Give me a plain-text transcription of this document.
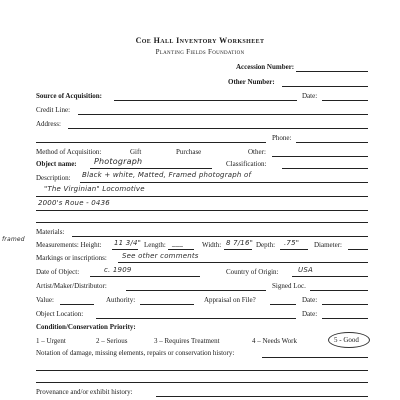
Coe Hall Inventory Worksheet
Planting Fields Foundation
Accession Number:
Other Number:
Source of Acquisition:	Date:
Credit Line:
Address:
Phone:
Method of Acquisition:	Gift	Purchase	Other:
Object name: Photograph	Classification:
Description: Black + white, Matted, Framed photograph of
"The Virginian" Locomotive
2000's Roue - 0436
Materials:
framed
Measurements: Height: 11 3/4" Length: ___	Width: 8 7/16" Depth: .75" Diameter:
Markings or inscriptions: See other comments
Date of Object:	c. 1909	Country of Origin:	USA
Artist/Maker/Distributor:	Signed Loc.
Value:	Authority:	Appraisal on File?	Date:
Object Location:	Date:
Condition/Conservation Priority:
1 – Urgent	2 – Serious	3 – Requires Treatment	4 – Needs Work	5 - Good
Notation of damage, missing elements, repairs or conservation history:
Provenance and/or exhibit history:
